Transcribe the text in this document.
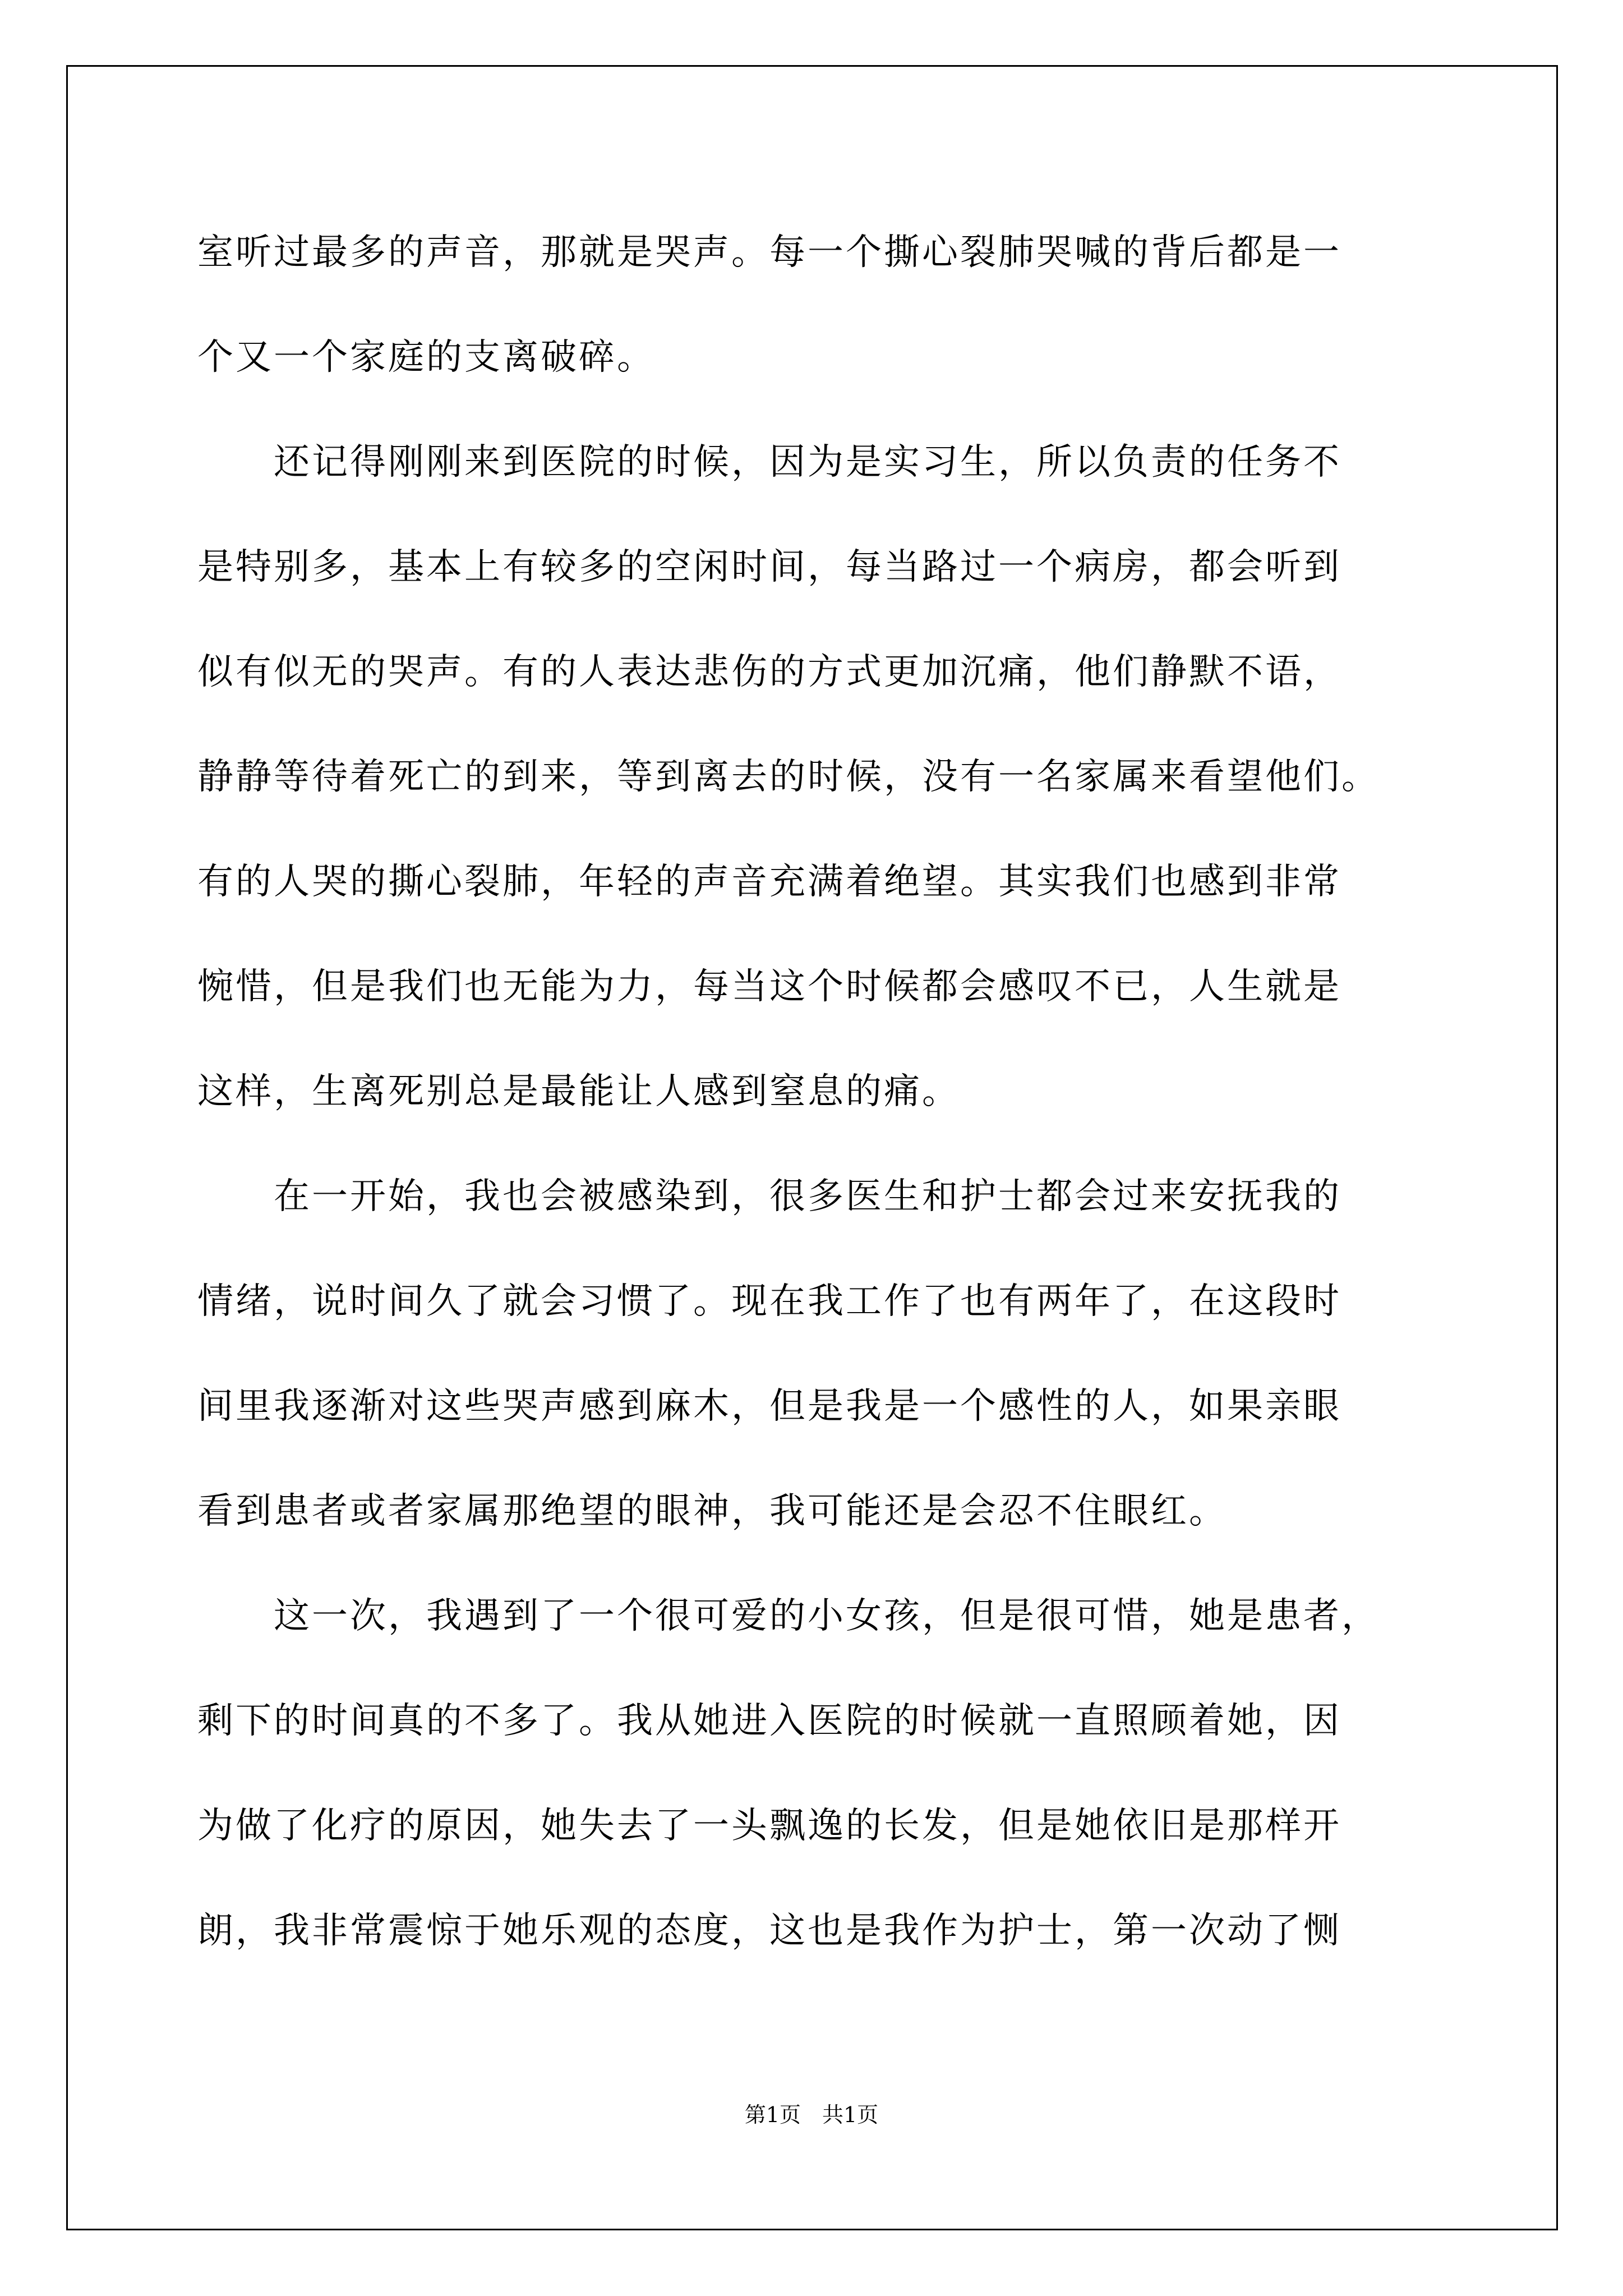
室听过最多的声音，那就是哭声。每一个撕心裂肺哭喊的背后都是一
个又一个家庭的支离破碎。
　　还记得刚刚来到医院的时候，因为是实习生，所以负责的任务不
是特别多，基本上有较多的空闲时间，每当路过一个病房，都会听到
似有似无的哭声。有的人表达悲伤的方式更加沉痛，他们静默不语，
静静等待着死亡的到来，等到离去的时候，没有一名家属来看望他们。
有的人哭的撕心裂肺，年轻的声音充满着绝望。其实我们也感到非常
惋惜，但是我们也无能为力，每当这个时候都会感叹不已，人生就是
这样，生离死别总是最能让人感到窒息的痛。
　　在一开始，我也会被感染到，很多医生和护士都会过来安抚我的
情绪，说时间久了就会习惯了。现在我工作了也有两年了，在这段时
间里我逐渐对这些哭声感到麻木，但是我是一个感性的人，如果亲眼
看到患者或者家属那绝望的眼神，我可能还是会忍不住眼红。
　　这一次，我遇到了一个很可爱的小女孩，但是很可惜，她是患者，
剩下的时间真的不多了。我从她进入医院的时候就一直照顾着她，因
为做了化疗的原因，她失去了一头飘逸的长发，但是她依旧是那样开
朗，我非常震惊于她乐观的态度，这也是我作为护士，第一次动了恻
第1页　共1页
